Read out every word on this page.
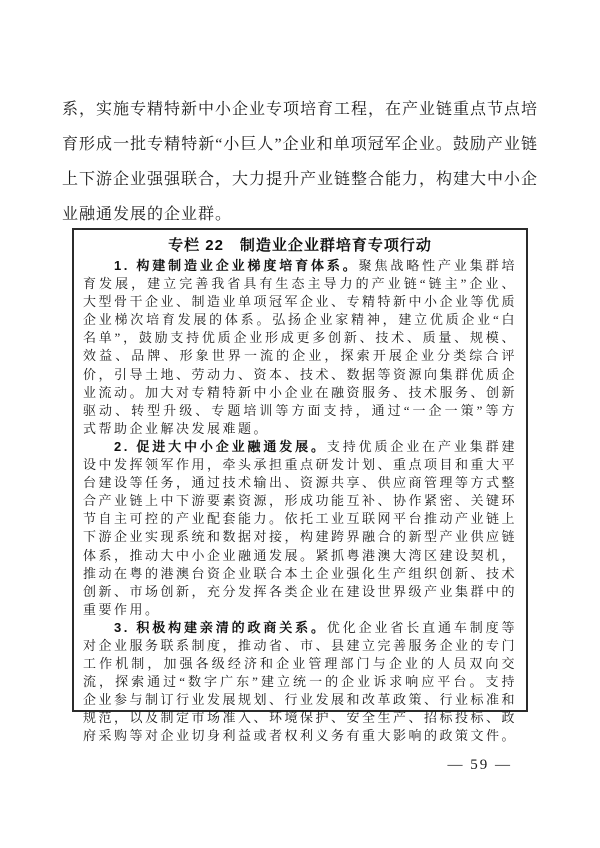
系，实施专精特新中小企业专项培育工程，在产业链重点节点培育形成一批专精特新“小巨人”企业和单项冠军企业。鼓励产业链上下游企业强强联合，大力提升产业链整合能力，构建大中小企业融通发展的企业群。

专栏 22　制造业企业群培育专项行动

1. 构建制造业企业梯度培育体系。聚焦战略性产业集群培育发展，建立完善我省具有生态主导力的产业链“链主”企业、大型骨干企业、制造业单项冠军企业、专精特新中小企业等优质企业梯次培育发展的体系。弘扬企业家精神，建立优质企业“白名单”，鼓励支持优质企业形成更多创新、技术、质量、规模、效益、品牌、形象世界一流的企业，探索开展企业分类综合评价，引导土地、劳动力、资本、技术、数据等资源向集群优质企业流动。加大对专精特新中小企业在融资服务、技术服务、创新驱动、转型升级、专题培训等方面支持，通过“一企一策”等方式帮助企业解决发展难题。

2. 促进大中小企业融通发展。支持优质企业在产业集群建设中发挥领军作用，牵头承担重点研发计划、重点项目和重大平台建设等任务，通过技术输出、资源共享、供应商管理等方式整合产业链上中下游要素资源，形成功能互补、协作紧密、关键环节自主可控的产业配套能力。依托工业互联网平台推动产业链上下游企业实现系统和数据对接，构建跨界融合的新型产业供应链体系，推动大中小企业融通发展。紧抓粤港澳大湾区建设契机，推动在粤的港澳台资企业联合本土企业强化生产组织创新、技术创新、市场创新，充分发挥各类企业在建设世界级产业集群中的重要作用。

3. 积极构建亲清的政商关系。优化企业省长直通车制度等对企业服务联系制度，推动省、市、县建立完善服务企业的专门工作机制，加强各级经济和企业管理部门与企业的人员双向交流，探索通过“数字广东”建立统一的企业诉求响应平台。支持企业参与制订行业发展规划、行业发展和改革政策、行业标准和规范，以及制定市场准入、环境保护、安全生产、招标投标、政府采购等对企业切身利益或者权利义务有重大影响的政策文件。

— 59 —
